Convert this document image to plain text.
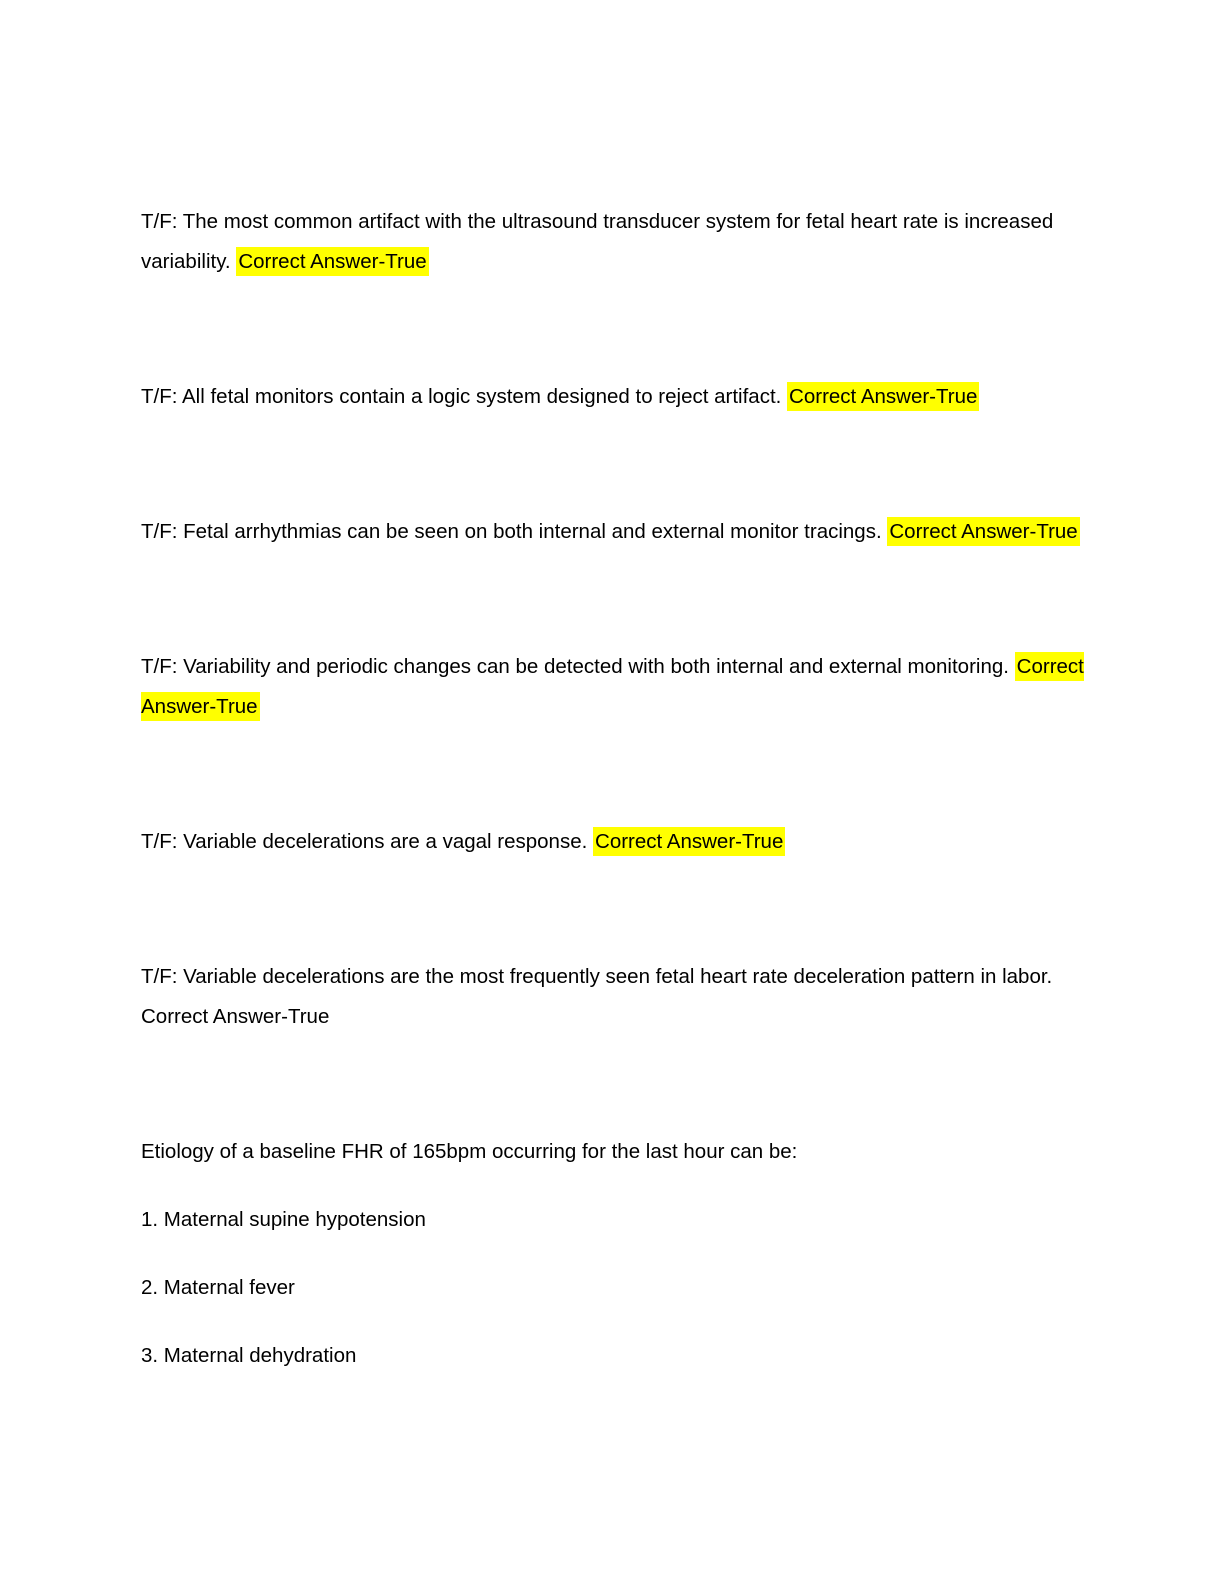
T/F: The most common artifact with the ultrasound transducer system for fetal heart rate is increased variability. Correct Answer-True

T/F: All fetal monitors contain a logic system designed to reject artifact. Correct Answer-True

T/F: Fetal arrhythmias can be seen on both internal and external monitor tracings. Correct Answer-True

T/F: Variability and periodic changes can be detected with both internal and external monitoring. Correct Answer-True

T/F: Variable decelerations are a vagal response. Correct Answer-True

T/F: Variable decelerations are the most frequently seen fetal heart rate deceleration pattern in labor. Correct Answer-True

Etiology of a baseline FHR of 165bpm occurring for the last hour can be:

1. Maternal supine hypotension

2. Maternal fever

3. Maternal dehydration
